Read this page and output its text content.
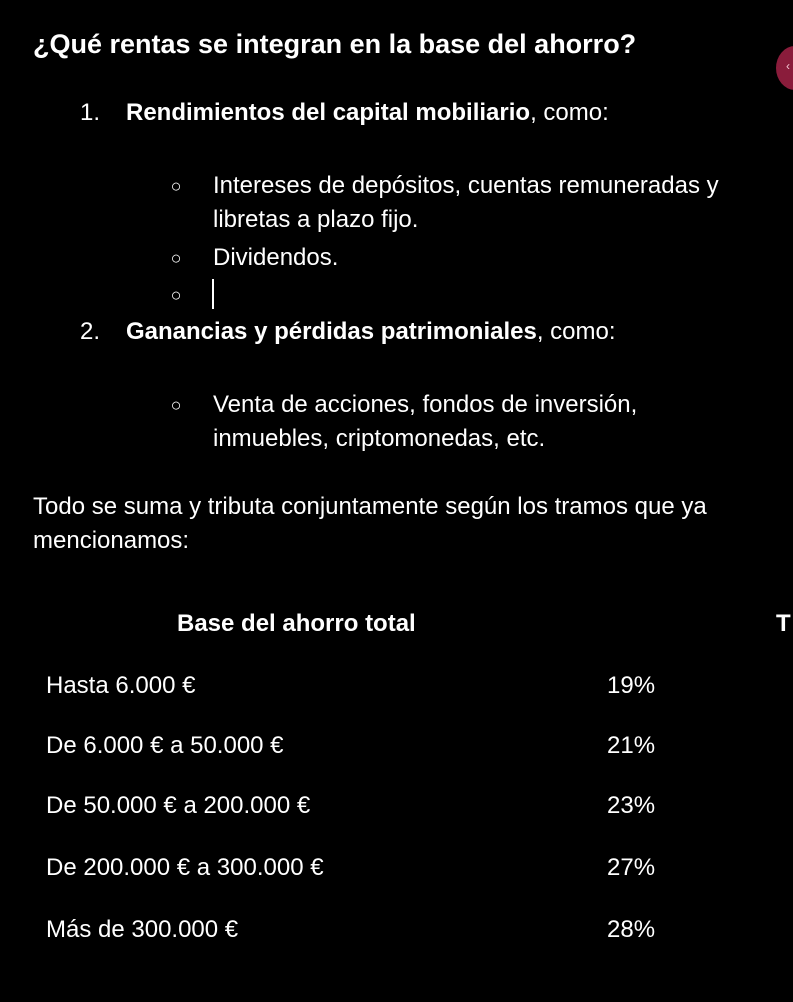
¿Qué rentas se integran en la base del ahorro?
‹
1. Rendimientos del capital mobiliario, como:
○ Intereses de depósitos, cuentas remuneradas y libretas a plazo fijo.
○ Dividendos.
○
2. Ganancias y pérdidas patrimoniales, como:
○ Venta de acciones, fondos de inversión, inmuebles, criptomonedas, etc.
Todo se suma y tributa conjuntamente según los tramos que ya mencionamos:
Base del ahorro total	T
Hasta 6.000 €	19%
De 6.000 € a 50.000 €	21%
De 50.000 € a 200.000 €	23%
De 200.000 € a 300.000 €	27%
Más de 300.000 €	28%
